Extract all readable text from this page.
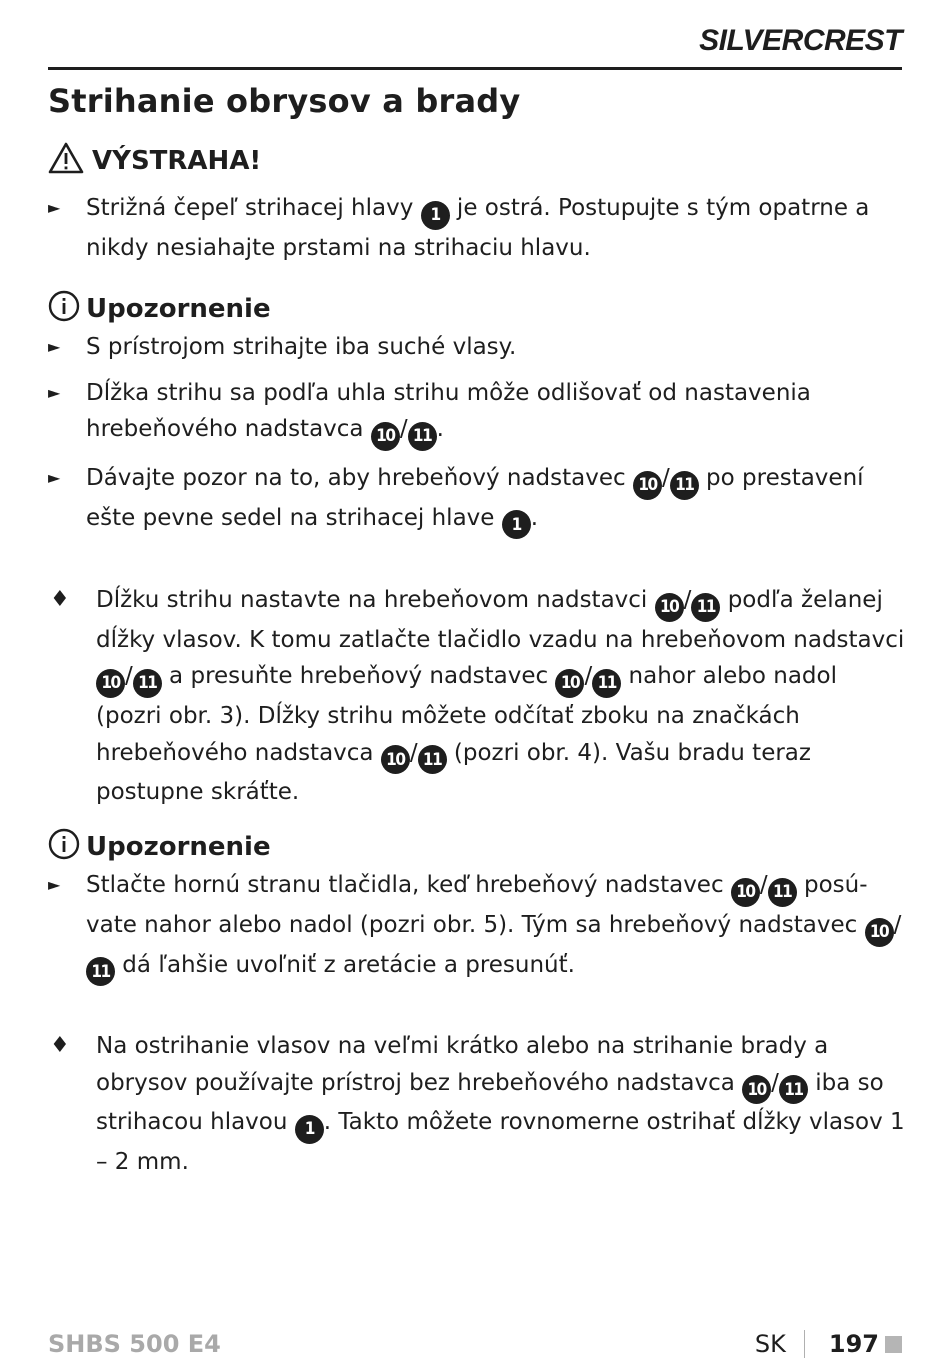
SILVERCREST
Strihanie obrysov a brady
VÝSTRAHA!
►	Strižná čepeľ strihacej hlavy 1 je ostrá. Postupujte s tým opatrne a nikdy nesiahajte prstami na strihaciu hlavu.
Upozornenie
►	S prístrojom strihajte iba suché vlasy.
►	Dĺžka strihu sa podľa uhla strihu môže odlišovať od nastavenia hrebeňového nadstavca 10 / 11 .
►	Dávajte pozor na to, aby hrebeňový nadstavec 10 / 11 po prestavení ešte pevne sedel na strihacej hlave 1 .
♦	Dĺžku strihu nastavte na hrebeňovom nadstavci 10 / 11 podľa želanej dĺžky vlasov. K tomu zatlačte tlačidlo vzadu na hrebeňovom nadstavci 10 / 11 a presuňte hrebeňový nadstavec 10 / 11 nahor alebo nadol (pozri obr. 3). Dĺžky strihu môžete odčítať zboku na značkách hrebeňového nadstavca 10 / 11 (pozri obr. 4). Vašu bradu teraz postupne skráťte.
Upozornenie
►	Stlačte hornú stranu tlačidla, keď hrebeňový nadstavec 10 / 11 posúvate nahor alebo nadol (pozri obr. 5). Tým sa hrebeňový nadstavec 10 /11 dá ľahšie uvoľniť z aretácie a presunúť.
♦	Na ostrihanie vlasov na veľmi krátko alebo na strihanie brady a obrysov používajte prístroj bez hrebeňového nadstavca 10 / 11 iba so strihacou hlavou 1 . Takto môžete rovnomerne ostrihať dĺžky vlasov 1 – 2 mm.
SHBS 500 E4	SK 197
